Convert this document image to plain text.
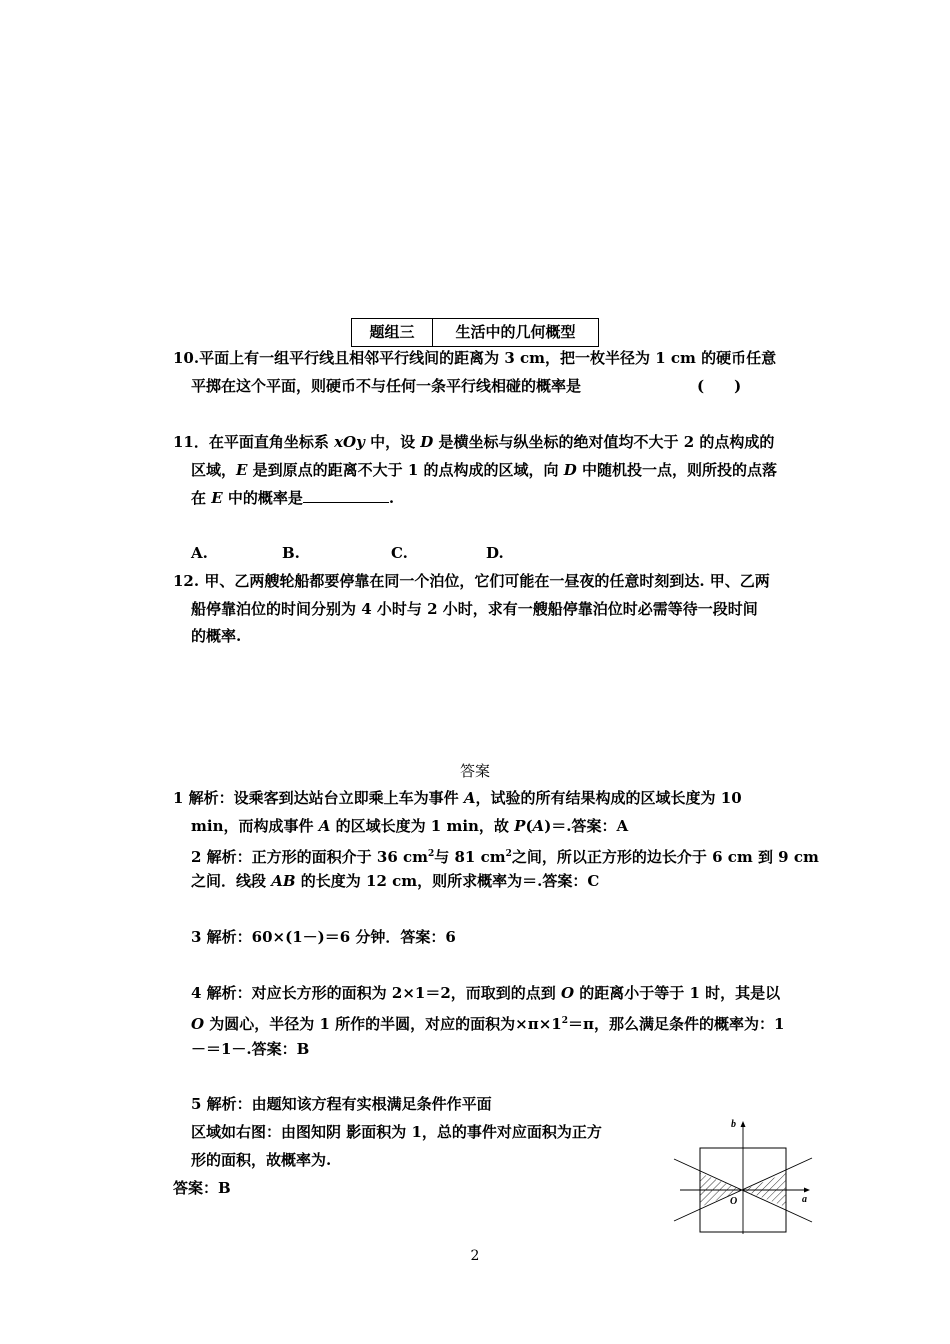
题组三	生活中的几何概型
10.平面上有一组平行线且相邻平行线间的距离为 3 cm，把一枚半径为 1 cm 的硬币任意
平掷在这个平面，则硬币不与任何一条平行线相碰的概率是	(　　)
11．在平面直角坐标系 xOy 中，设 D 是横坐标与纵坐标的绝对值均不大于 2 的点构成的
区域，E 是到原点的距离不大于 1 的点构成的区域，向 D 中随机投一点，则所投的点落
在 E 中的概率是	.
A.	B.	C.	D.
12. 甲、乙两艘轮船都要停靠在同一个泊位，它们可能在一昼夜的任意时刻到达. 甲、乙两
船停靠泊位的时间分别为 4 小时与 2 小时，求有一艘船停靠泊位时必需等待一段时间
的概率.
答案
1 解析：设乘客到达站台立即乘上车为事件 A，试验的所有结果构成的区域长度为 10
min，而构成事件 A 的区域长度为 1 min，故 P(A)＝.答案：A
2 解析：正方形的面积介于 36 $cm^2$与 81 $cm^2$之间，所以正方形的边长介于 6 cm 到 9 cm
之间．线段 AB 的长度为 12 cm，则所求概率为＝.答案：C
3 解析：60×(1－)＝6 分钟．答案：6
4 解析：对应长方形的面积为 2×1＝2，而取到的点到 O 的距离小于等于 1 时，其是以
O 为圆心，半径为 1 所作的半圆，对应的面积为$\times\pi\times 1^2=\pi$，那么满足条件的概率为：1
－＝1－.答案：B
5 解析：由题知该方程有实根满足条件作平面
区域如右图：由图知阴 影面积为 1，总的事件对应面积为正方
形的面积，故概率为.
答案：B
a
b
O
2
